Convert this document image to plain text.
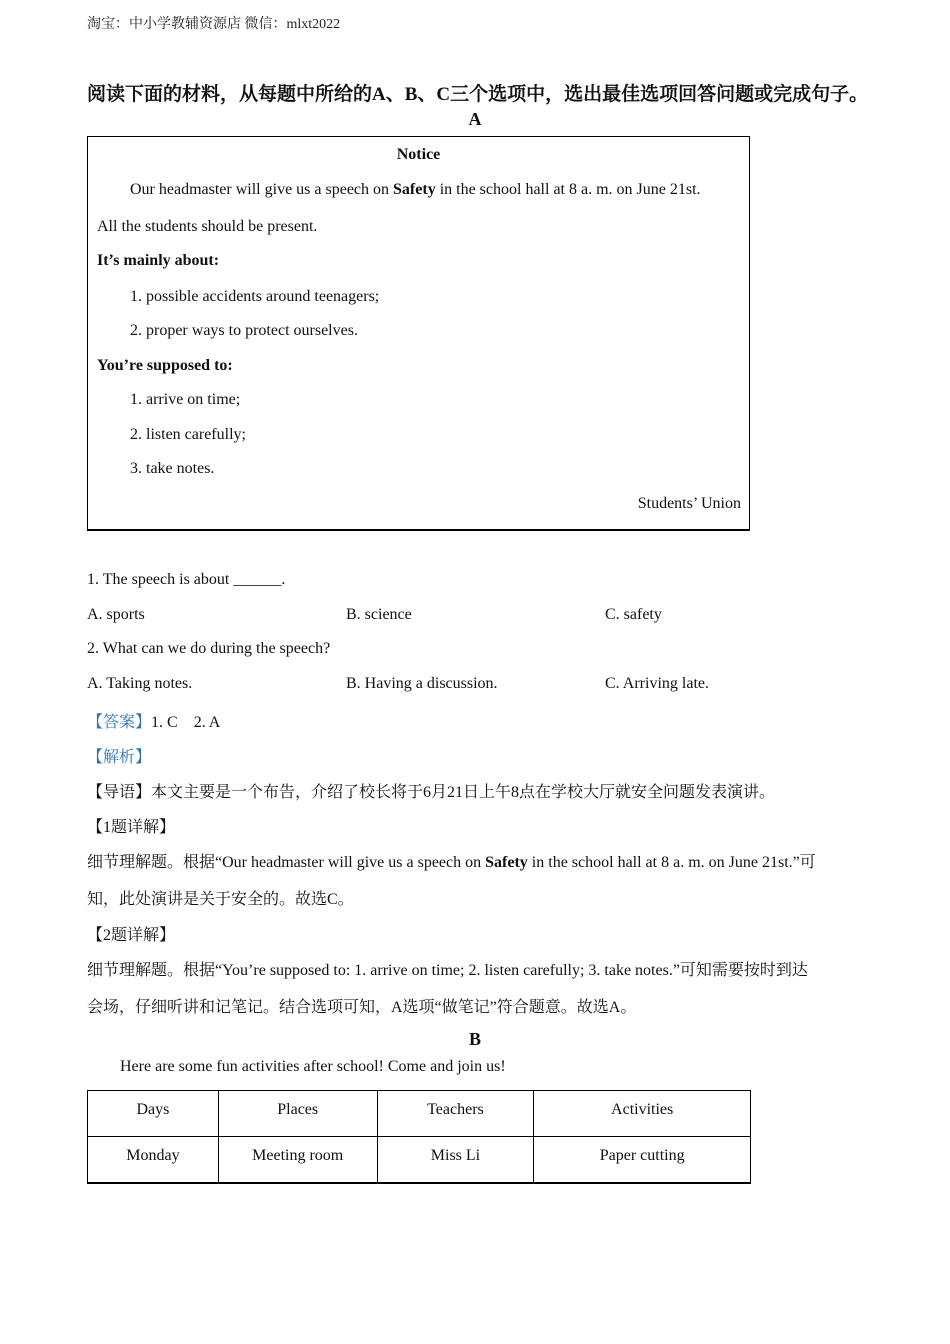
淘宝：中小学教辅资源店 微信：mlxt2022
阅读下面的材料，从每题中所给的A、B、C三个选项中，选出最佳选项回答问题或完成句子。
A
Notice
Our headmaster will give us a speech on Safety in the school hall at 8 a. m. on June 21st.
All the students should be present.
It’s mainly about:
1. possible accidents around teenagers;
2. proper ways to protect ourselves.
You’re supposed to:
1. arrive on time;
2. listen carefully;
3. take notes.
Students’ Union
1. The speech is about ______.
A. sports	B. science	C. safety
2. What can we do during the speech?
A. Taking notes.	B. Having a discussion.	C. Arriving late.
【答案】1. C    2. A
【解析】
【导语】本文主要是一个布告，介绍了校长将于6月21日上午8点在学校大厅就安全问题发表演讲。
【1题详解】
细节理解题。根据“Our headmaster will give us a speech on Safety in the school hall at 8 a. m. on June 21st.”可
知，此处演讲是关于安全的。故选C。
【2题详解】
细节理解题。根据“You’re supposed to: 1. arrive on time; 2. listen carefully; 3. take notes.”可知需要按时到达
会场，仔细听讲和记笔记。结合选项可知，A选项“做笔记”符合题意。故选A。
B
Here are some fun activities after school! Come and join us!
Days	Places	Teachers	Activities
Monday	Meeting room	Miss Li	Paper cutting
